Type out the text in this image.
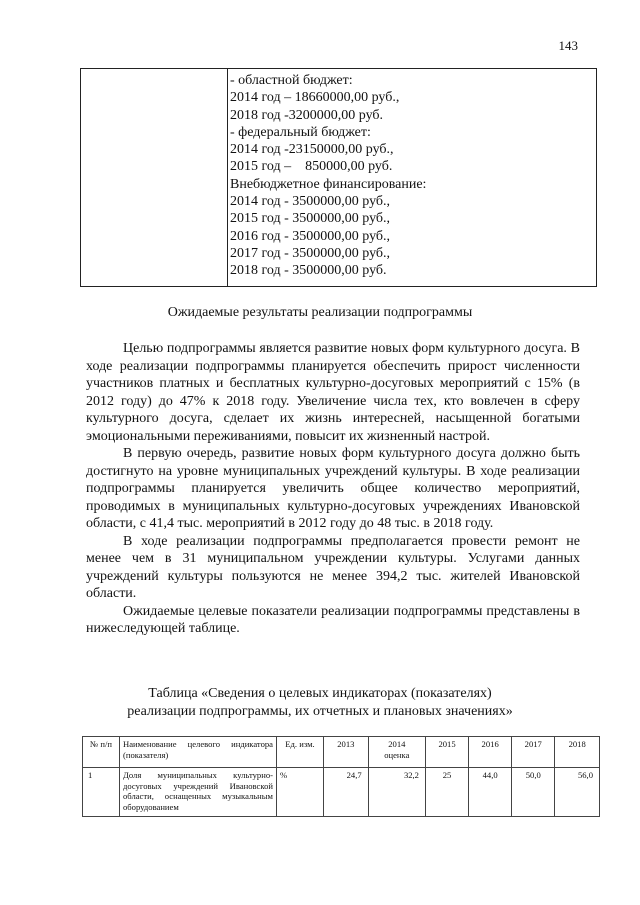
143
- областной бюджет:
2014 год – 18660000,00 руб.,
2018 год -3200000,00 руб.
- федеральный бюджет:
2014 год -23150000,00 руб.,
2015 год –    850000,00 руб.
Внебюджетное финансирование:
2014 год - 3500000,00 руб.,
2015 год - 3500000,00 руб.,
2016 год - 3500000,00 руб.,
2017 год - 3500000,00 руб.,
2018 год - 3500000,00 руб.
Ожидаемые результаты реализации подпрограммы

Целью подпрограммы является развитие новых форм культурного досуга. В ходе реализации подпрограммы планируется обеспечить прирост численности участников платных и бесплатных культурно-досуговых мероприятий с 15% (в 2012 году) до 47% к 2018 году. Увеличение числа тех, кто вовлечен в сферу культурного досуга, сделает их жизнь интересней, насыщенной богатыми эмоциональными переживаниями, повысит их жизненный настрой.

В первую очередь, развитие новых форм культурного досуга должно быть достигнуто на уровне муниципальных учреждений культуры. В ходе реализации подпрограммы планируется увеличить общее количество мероприятий, проводимых в муниципальных культурно-досуговых учреждениях Ивановской области, с 41,4 тыс. мероприятий в 2012 году до 48 тыс. в 2018 году.

В ходе реализации подпрограммы предполагается провести ремонт не менее чем в 31 муниципальном учреждении культуры. Услугами данных учреждений культуры пользуются не менее 394,2 тыс. жителей Ивановской области.

Ожидаемые целевые показатели реализации подпрограммы представлены в нижеследующей таблице.

Таблица «Сведения о целевых индикаторах (показателях)
реализации подпрограммы, их отчетных и плановых значениях»
№ п/п	Наименование целевого индикатора (показателя)	Ед. изм.	2013	2014
оценка	2015	2016	2017	2018
1	Доля муниципальных культурно-досуговых учреждений Ивановской области, оснащенных музыкальным оборудованием	%	24,7	32,2	25	44,0	50,0	56,0
